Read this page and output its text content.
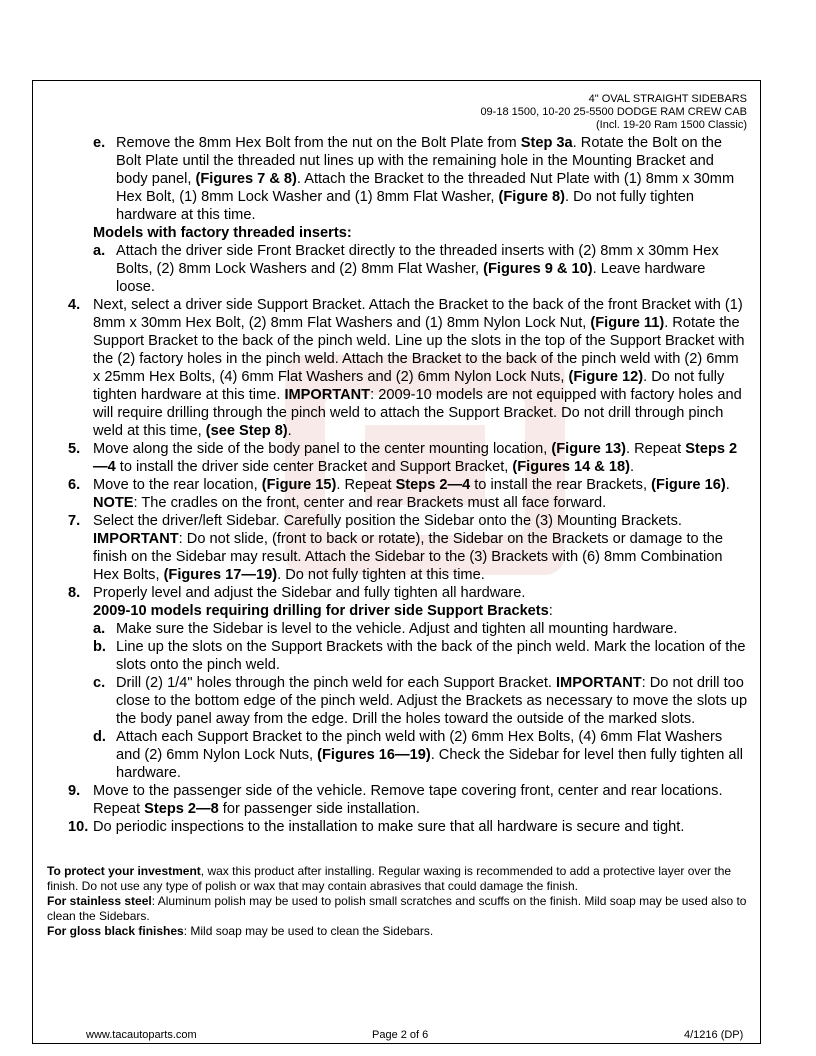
4" OVAL STRAIGHT SIDEBARS
09-18 1500, 10-20 25-5500 DODGE RAM CREW CAB
(Incl. 19-20 Ram 1500 Classic)
e. Remove the 8mm Hex Bolt from the nut on the Bolt Plate from Step 3a. Rotate the Bolt on the Bolt Plate until the threaded nut lines up with the remaining hole in the Mounting Bracket and body panel, (Figures 7 & 8). Attach the Bracket to the threaded Nut Plate with (1) 8mm x 30mm Hex Bolt, (1) 8mm Lock Washer and (1) 8mm Flat Washer, (Figure 8). Do not fully tighten hardware at this time.
Models with factory threaded inserts:
a. Attach the driver side Front Bracket directly to the threaded inserts with (2) 8mm x 30mm Hex Bolts, (2) 8mm Lock Washers and (2) 8mm Flat Washer, (Figures 9 & 10). Leave hardware loose.
4. Next, select a driver side Support Bracket. Attach the Bracket to the back of the front Bracket with (1) 8mm x 30mm Hex Bolt, (2) 8mm Flat Washers and (1) 8mm Nylon Lock Nut, (Figure 11). Rotate the Support Bracket to the back of the pinch weld. Line up the slots in the top of the Support Bracket with the (2) factory holes in the pinch weld. Attach the Bracket to the back of the pinch weld with (2) 6mm x 25mm Hex Bolts, (4) 6mm Flat Washers and (2) 6mm Nylon Lock Nuts, (Figure 12). Do not fully tighten hardware at this time. IMPORTANT: 2009-10 models are not equipped with factory holes and will require drilling through the pinch weld to attach the Support Bracket. Do not drill through pinch weld at this time, (see Step 8).
5. Move along the side of the body panel to the center mounting location, (Figure 13). Repeat Steps 2—4 to install the driver side center Bracket and Support Bracket, (Figures 14 & 18).
6. Move to the rear location, (Figure 15). Repeat Steps 2—4 to install the rear Brackets, (Figure 16). NOTE: The cradles on the front, center and rear Brackets must all face forward.
7. Select the driver/left Sidebar. Carefully position the Sidebar onto the (3) Mounting Brackets. IMPORTANT: Do not slide, (front to back or rotate), the Sidebar on the Brackets or damage to the finish on the Sidebar may result. Attach the Sidebar to the (3) Brackets with (6) 8mm Combination Hex Bolts, (Figures 17—19). Do not fully tighten at this time.
8. Properly level and adjust the Sidebar and fully tighten all hardware.
2009-10 models requiring drilling for driver side Support Brackets:
a. Make sure the Sidebar is level to the vehicle. Adjust and tighten all mounting hardware.
b. Line up the slots on the Support Brackets with the back of the pinch weld. Mark the location of the slots onto the pinch weld.
c. Drill (2) 1/4" holes through the pinch weld for each Support Bracket. IMPORTANT: Do not drill too close to the bottom edge of the pinch weld. Adjust the Brackets as necessary to move the slots up the body panel away from the edge. Drill the holes toward the outside of the marked slots.
d. Attach each Support Bracket to the pinch weld with (2) 6mm Hex Bolts, (4) 6mm Flat Washers and (2) 6mm Nylon Lock Nuts, (Figures 16—19). Check the Sidebar for level then fully tighten all hardware.
9. Move to the passenger side of the vehicle. Remove tape covering front, center and rear locations. Repeat Steps 2—8 for passenger side installation.
10. Do periodic inspections to the installation to make sure that all hardware is secure and tight.
To protect your investment, wax this product after installing. Regular waxing is recommended to add a protective layer over the finish. Do not use any type of polish or wax that may contain abrasives that could damage the finish.
For stainless steel: Aluminum polish may be used to polish small scratches and scuffs on the finish. Mild soap may be used also to clean the Sidebars.
For gloss black finishes: Mild soap may be used to clean the Sidebars.
www.tacautoparts.com	Page 2 of 6	4/1216 (DP)
